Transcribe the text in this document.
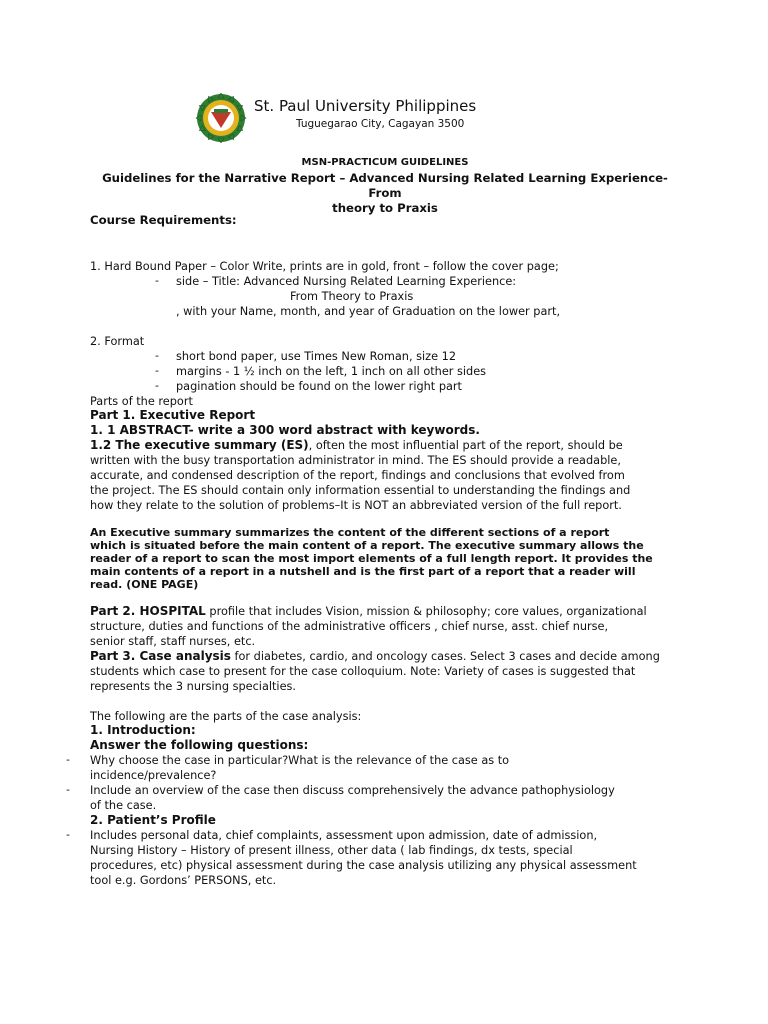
St. Paul University Philippines
Tuguegarao City, Cagayan 3500
MSN-PRACTICUM GUIDELINES
Guidelines for the Narrative Report – Advanced Nursing Related Learning Experience-From
theory to Praxis
Course Requirements:
1. Hard Bound Paper – Color Write, prints are in gold, front – follow the cover page;
- side – Title: Advanced Nursing Related Learning Experience:
From Theory to Praxis
, with your Name, month, and year of Graduation on the lower part,
2. Format
- short bond paper, use Times New Roman, size 12
- margins - 1 ½ inch on the left, 1 inch on all other sides
- pagination should be found on the lower right part
Parts of the report
Part 1. Executive Report
1. 1 ABSTRACT- write a 300 word abstract with keywords.
1.2 The executive summary (ES), often the most influential part of the report, should be
written with the busy transportation administrator in mind. The ES should provide a readable,
accurate, and condensed description of the report, findings and conclusions that evolved from
the project. The ES should contain only information essential to understanding the findings and
how they relate to the solution of problems–It is NOT an abbreviated version of the full report.
An Executive summary summarizes the content of the different sections of a report
which is situated before the main content of a report. The executive summary allows the
reader of a report to scan the most import elements of a full length report. It provides the
main contents of a report in a nutshell and is the first part of a report that a reader will
read. (ONE PAGE)
Part 2. HOSPITAL profile that includes Vision, mission & philosophy; core values, organizational
structure, duties and functions of the administrative officers , chief nurse, asst. chief nurse,
senior staff, staff nurses, etc.
Part 3. Case analysis for diabetes, cardio, and oncology cases. Select 3 cases and decide among
students which case to present for the case colloquium. Note: Variety of cases is suggested that
represents the 3 nursing specialties.
The following are the parts of the case analysis:
1. Introduction:
Answer the following questions:
- Why choose the case in particular?What is the relevance of the case as to
incidence/prevalence?
- Include an overview of the case then discuss comprehensively the advance pathophysiology
of the case.
2. Patient’s Profile
- Includes personal data, chief complaints, assessment upon admission, date of admission,
Nursing History – History of present illness, other data ( lab findings, dx tests, special
procedures, etc) physical assessment during the case analysis utilizing any physical assessment
tool e.g. Gordons’ PERSONS, etc.
